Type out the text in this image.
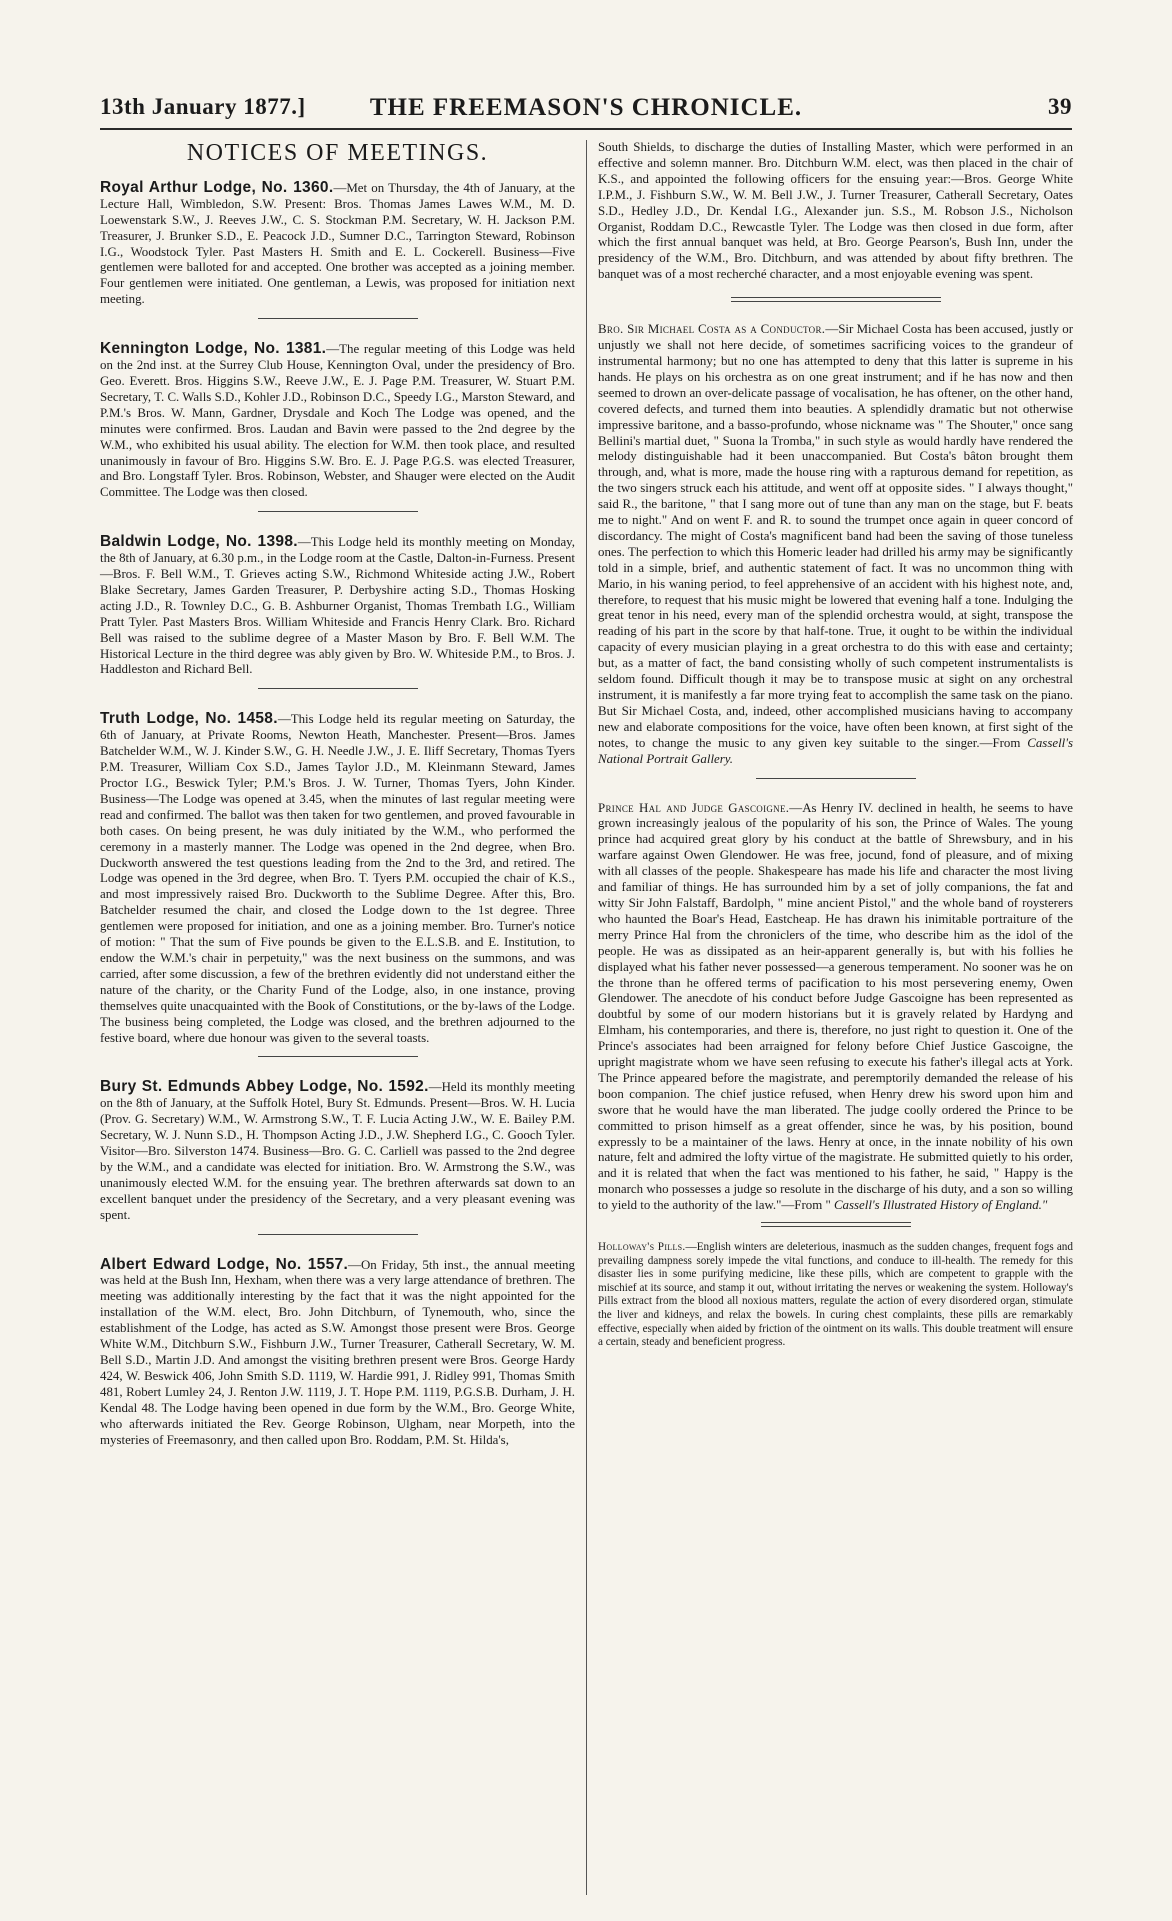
13th January 1877.]	THE FREEMASON'S CHRONICLE.	39
NOTICES OF MEETINGS.

Royal Arthur Lodge, No. 1360.—Met on Thursday, the 4th of January, at the Lecture Hall, Wimbledon, S.W. Present: Bros. Thomas James Lawes W.M., M. D. Loewenstark S.W., J. Reeves J.W., C. S. Stockman P.M. Secretary, W. H. Jackson P.M. Treasurer, J. Brunker S.D., E. Peacock J.D., Sumner D.C., Tarrington Steward, Robinson I.G., Woodstock Tyler. Past Masters H. Smith and E. L. Cockerell. Business—Five gentlemen were balloted for and accepted. One brother was accepted as a joining member. Four gentlemen were initiated. One gentleman, a Lewis, was proposed for initiation next meeting.

Kennington Lodge, No. 1381.—The regular meeting of this Lodge was held on the 2nd inst. at the Surrey Club House, Kennington Oval, under the presidency of Bro. Geo. Everett. Bros. Higgins S.W., Reeve J.W., E. J. Page P.M. Treasurer, W. Stuart P.M. Secretary, T. C. Walls S.D., Kohler J.D., Robinson D.C., Speedy I.G., Marston Steward, and P.M.'s Bros. W. Mann, Gardner, Drysdale and Koch The Lodge was opened, and the minutes were confirmed. Bros. Laudan and Bavin were passed to the 2nd degree by the W.M., who exhibited his usual ability. The election for W.M. then took place, and resulted unanimously in favour of Bro. Higgins S.W. Bro. E. J. Page P.G.S. was elected Treasurer, and Bro. Longstaff Tyler. Bros. Robinson, Webster, and Shauger were elected on the Audit Committee. The Lodge was then closed.

Baldwin Lodge, No. 1398.—This Lodge held its monthly meeting on Monday, the 8th of January, at 6.30 p.m., in the Lodge room at the Castle, Dalton-in-Furness. Present—Bros. F. Bell W.M., T. Grieves acting S.W., Richmond Whiteside acting J.W., Robert Blake Secretary, James Garden Treasurer, P. Derbyshire acting S.D., Thomas Hosking acting J.D., R. Townley D.C., G. B. Ashburner Organist, Thomas Trembath I.G., William Pratt Tyler. Past Masters Bros. William Whiteside and Francis Henry Clark. Bro. Richard Bell was raised to the sublime degree of a Master Mason by Bro. F. Bell W.M. The Historical Lecture in the third degree was ably given by Bro. W. Whiteside P.M., to Bros. J. Haddleston and Richard Bell.

Truth Lodge, No. 1458.—This Lodge held its regular meeting on Saturday, the 6th of January, at Private Rooms, Newton Heath, Manchester. Present—Bros. James Batchelder W.M., W. J. Kinder S.W., G. H. Needle J.W., J. E. Iliff Secretary, Thomas Tyers P.M. Treasurer, William Cox S.D., James Taylor J.D., M. Kleinmann Steward, James Proctor I.G., Beswick Tyler; P.M.'s Bros. J. W. Turner, Thomas Tyers, John Kinder. Business—The Lodge was opened at 3.45, when the minutes of last regular meeting were read and confirmed. The ballot was then taken for two gentlemen, and proved favourable in both cases. On being present, he was duly initiated by the W.M., who performed the ceremony in a masterly manner. The Lodge was opened in the 2nd degree, when Bro. Duckworth answered the test questions leading from the 2nd to the 3rd, and retired. The Lodge was opened in the 3rd degree, when Bro. T. Tyers P.M. occupied the chair of K.S., and most impressively raised Bro. Duckworth to the Sublime Degree. After this, Bro. Batchelder resumed the chair, and closed the Lodge down to the 1st degree. Three gentlemen were proposed for initiation, and one as a joining member. Bro. Turner's notice of motion: " That the sum of Five pounds be given to the E.L.S.B. and E. Institution, to endow the W.M.'s chair in perpetuity," was the next business on the summons, and was carried, after some discussion, a few of the brethren evidently did not understand either the nature of the charity, or the Charity Fund of the Lodge, also, in one instance, proving themselves quite unacquainted with the Book of Constitutions, or the by-laws of the Lodge. The business being completed, the Lodge was closed, and the brethren adjourned to the festive board, where due honour was given to the several toasts.

Bury St. Edmunds Abbey Lodge, No. 1592.—Held its monthly meeting on the 8th of January, at the Suffolk Hotel, Bury St. Edmunds. Present—Bros. W. H. Lucia (Prov. G. Secretary) W.M., W. Armstrong S.W., T. F. Lucia Acting J.W., W. E. Bailey P.M. Secretary, W. J. Nunn S.D., H. Thompson Acting J.D., J.W. Shepherd I.G., C. Gooch Tyler. Visitor—Bro. Silverston 1474. Business—Bro. G. C. Carliell was passed to the 2nd degree by the W.M., and a candidate was elected for initiation. Bro. W. Armstrong the S.W., was unanimously elected W.M. for the ensuing year. The brethren afterwards sat down to an excellent banquet under the presidency of the Secretary, and a very pleasant evening was spent.

Albert Edward Lodge, No. 1557.—On Friday, 5th inst., the annual meeting was held at the Bush Inn, Hexham, when there was a very large attendance of brethren. The meeting was additionally interesting by the fact that it was the night appointed for the installation of the W.M. elect, Bro. John Ditchburn, of Tynemouth, who, since the establishment of the Lodge, has acted as S.W. Amongst those present were Bros. George White W.M., Ditchburn S.W., Fishburn J.W., Turner Treasurer, Catherall Secretary, W. M. Bell S.D., Martin J.D. And amongst the visiting brethren present were Bros. George Hardy 424, W. Beswick 406, John Smith S.D. 1119, W. Hardie 991, J. Ridley 991, Thomas Smith 481, Robert Lumley 24, J. Renton J.W. 1119, J. T. Hope P.M. 1119, P.G.S.B. Durham, J. H. Kendal 48. The Lodge having been opened in due form by the W.M., Bro. George White, who afterwards initiated the Rev. George Robinson, Ulgham, near Morpeth, into the mysteries of Freemasonry, and then called upon Bro. Roddam, P.M. St. Hilda's,

South Shields, to discharge the duties of Installing Master, which were performed in an effective and solemn manner. Bro. Ditchburn W.M. elect, was then placed in the chair of K.S., and appointed the following officers for the ensuing year:—Bros. George White I.P.M., J. Fishburn S.W., W. M. Bell J.W., J. Turner Treasurer, Catherall Secretary, Oates S.D., Hedley J.D., Dr. Kendal I.G., Alexander jun. S.S., M. Robson J.S., Nicholson Organist, Roddam D.C., Rewcastle Tyler. The Lodge was then closed in due form, after which the first annual banquet was held, at Bro. George Pearson's, Bush Inn, under the presidency of the W.M., Bro. Ditchburn, and was attended by about fifty brethren. The banquet was of a most recherché character, and a most enjoyable evening was spent.

Bro. Sir Michael Costa as a Conductor.—Sir Michael Costa has been accused, justly or unjustly we shall not here decide, of sometimes sacrificing voices to the grandeur of instrumental harmony; but no one has attempted to deny that this latter is supreme in his hands. He plays on his orchestra as on one great instrument; and if he has now and then seemed to drown an over-delicate passage of vocalisation, he has oftener, on the other hand, covered defects, and turned them into beauties. A splendidly dramatic but not otherwise impressive baritone, and a basso-profundo, whose nickname was " The Shouter," once sang Bellini's martial duet, " Suona la Tromba," in such style as would hardly have rendered the melody distinguishable had it been unaccompanied. But Costa's bâton brought them through, and, what is more, made the house ring with a rapturous demand for repetition, as the two singers struck each his attitude, and went off at opposite sides. " I always thought," said R., the baritone, " that I sang more out of tune than any man on the stage, but F. beats me to night." And on went F. and R. to sound the trumpet once again in queer concord of discordancy. The might of Costa's magnificent band had been the saving of those tuneless ones. The perfection to which this Homeric leader had drilled his army may be significantly told in a simple, brief, and authentic statement of fact. It was no uncommon thing with Mario, in his waning period, to feel apprehensive of an accident with his highest note, and, therefore, to request that his music might be lowered that evening half a tone. Indulging the great tenor in his need, every man of the splendid orchestra would, at sight, transpose the reading of his part in the score by that half-tone. True, it ought to be within the individual capacity of every musician playing in a great orchestra to do this with ease and certainty; but, as a matter of fact, the band consisting wholly of such competent instrumentalists is seldom found. Difficult though it may be to transpose music at sight on any orchestral instrument, it is manifestly a far more trying feat to accomplish the same task on the piano. But Sir Michael Costa, and, indeed, other accomplished musicians having to accompany new and elaborate compositions for the voice, have often been known, at first sight of the notes, to change the music to any given key suitable to the singer.—From Cassell's National Portrait Gallery.

Prince Hal and Judge Gascoigne.—As Henry IV. declined in health, he seems to have grown increasingly jealous of the popularity of his son, the Prince of Wales. The young prince had acquired great glory by his conduct at the battle of Shrewsbury, and in his warfare against Owen Glendower. He was free, jocund, fond of pleasure, and of mixing with all classes of the people. Shakespeare has made his life and character the most living and familiar of things. He has surrounded him by a set of jolly companions, the fat and witty Sir John Falstaff, Bardolph, " mine ancient Pistol," and the whole band of roysterers who haunted the Boar's Head, Eastcheap. He has drawn his inimitable portraiture of the merry Prince Hal from the chroniclers of the time, who describe him as the idol of the people. He was as dissipated as an heir-apparent generally is, but with his follies he displayed what his father never possessed—a generous temperament. No sooner was he on the throne than he offered terms of pacification to his most persevering enemy, Owen Glendower. The anecdote of his conduct before Judge Gascoigne has been represented as doubtful by some of our modern historians but it is gravely related by Hardyng and Elmham, his contemporaries, and there is, therefore, no just right to question it. One of the Prince's associates had been arraigned for felony before Chief Justice Gascoigne, the upright magistrate whom we have seen refusing to execute his father's illegal acts at York. The Prince appeared before the magistrate, and peremptorily demanded the release of his boon companion. The chief justice refused, when Henry drew his sword upon him and swore that he would have the man liberated. The judge coolly ordered the Prince to be committed to prison himself as a great offender, since he was, by his position, bound expressly to be a maintainer of the laws. Henry at once, in the innate nobility of his own nature, felt and admired the lofty virtue of the magistrate. He submitted quietly to his order, and it is related that when the fact was mentioned to his father, he said, " Happy is the monarch who possesses a judge so resolute in the discharge of his duty, and a son so willing to yield to the authority of the law."—From " Cassell's Illustrated History of England."

Holloway's Pills.—English winters are deleterious, inasmuch as the sudden changes, frequent fogs and prevailing dampness sorely impede the vital functions, and conduce to ill-health. The remedy for this disaster lies in some purifying medicine, like these pills, which are competent to grapple with the mischief at its source, and stamp it out, without irritating the nerves or weakening the system. Holloway's Pills extract from the blood all noxious matters, regulate the action of every disordered organ, stimulate the liver and kidneys, and relax the bowels. In curing chest complaints, these pills are remarkably effective, especially when aided by friction of the ointment on its walls. This double treatment will ensure a certain, steady and beneficient progress.
